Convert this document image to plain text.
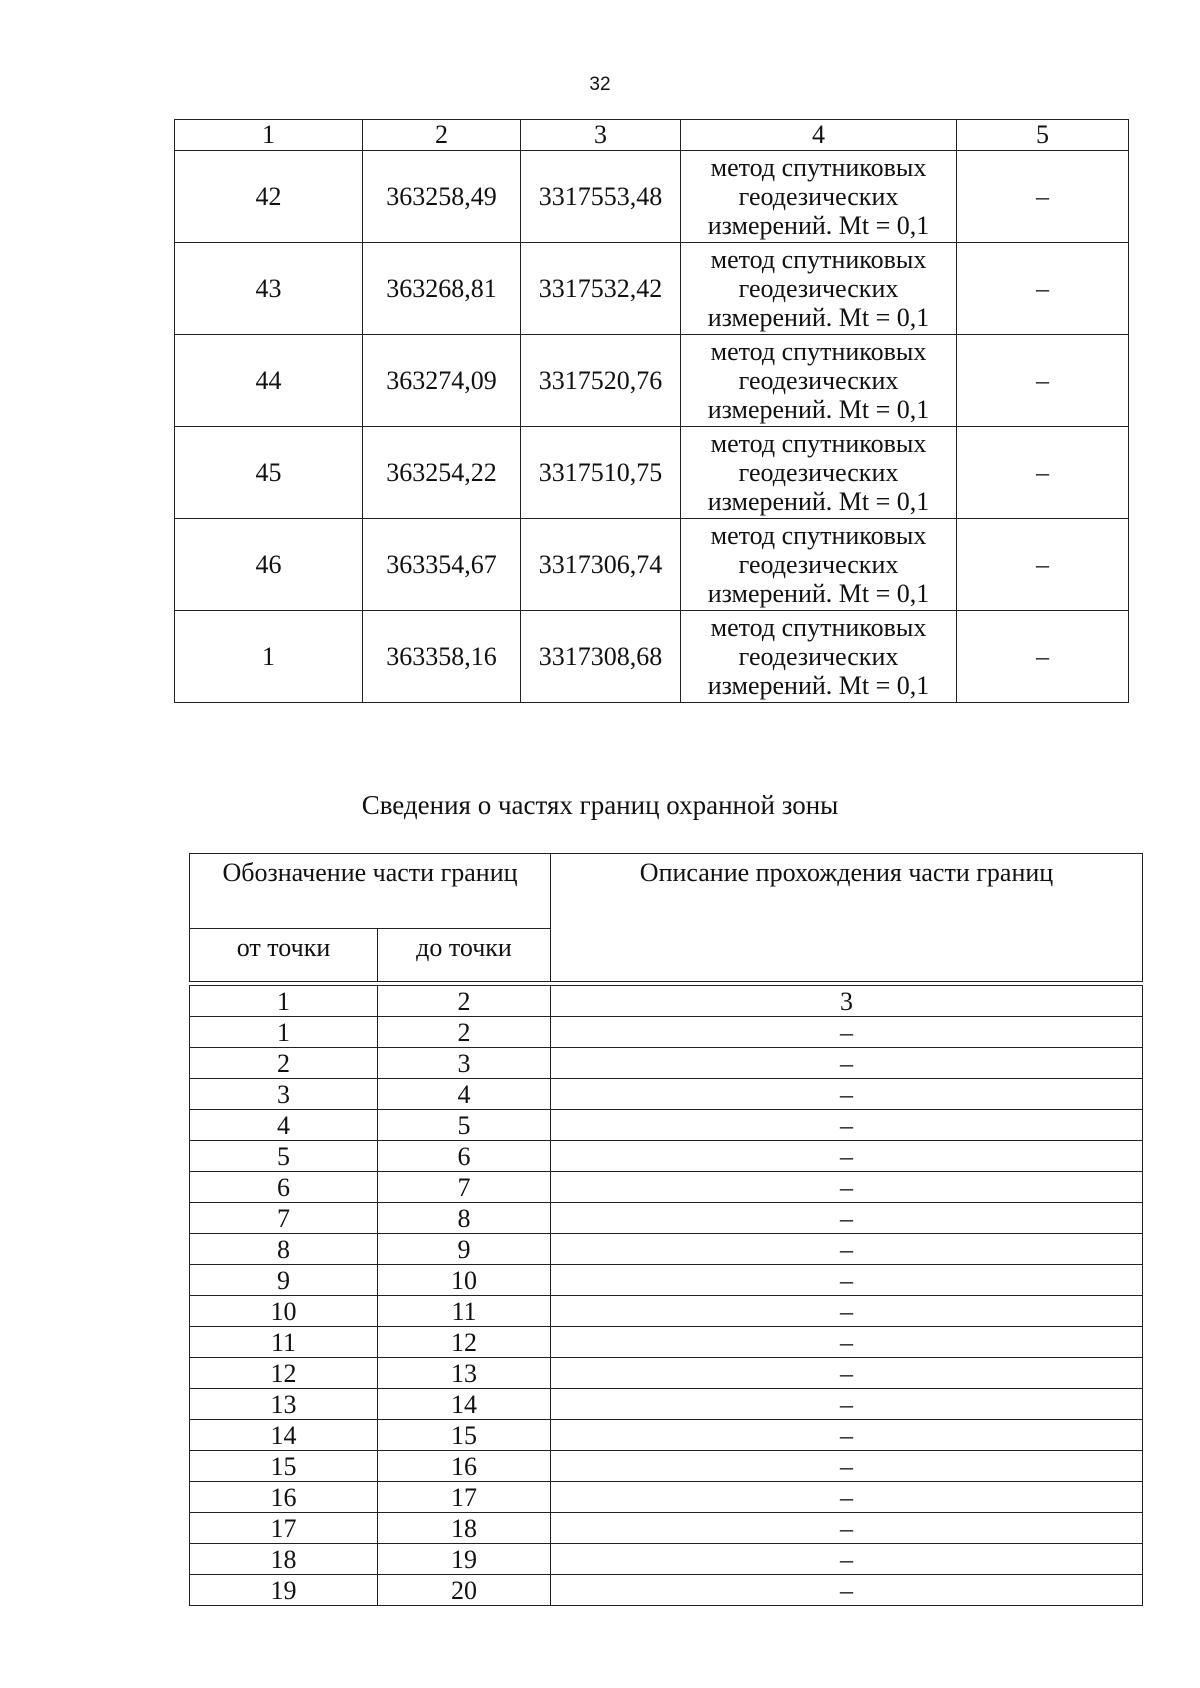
32
1	2	3	4	5
42	363258,49	3317553,48	метод спутниковых
геодезических
измерений. Mt = 0,1	–
43	363268,81	3317532,42	метод спутниковых
геодезических
измерений. Mt = 0,1	–
44	363274,09	3317520,76	метод спутниковых
геодезических
измерений. Mt = 0,1	–
45	363254,22	3317510,75	метод спутниковых
геодезических
измерений. Mt = 0,1	–
46	363354,67	3317306,74	метод спутниковых
геодезических
измерений. Mt = 0,1	–
1	363358,16	3317308,68	метод спутниковых
геодезических
измерений. Mt = 0,1	–
Сведения о частях границ охранной зоны
Обозначение части границ		Описание прохождения части границ
от точки	до точки	

1	2	3
1	2	–
2	3	–
3	4	–
4	5	–
5	6	–
6	7	–
7	8	–
8	9	–
9	10	–
10	11	–
11	12	–
12	13	–
13	14	–
14	15	–
15	16	–
16	17	–
17	18	–
18	19	–
19	20	–
